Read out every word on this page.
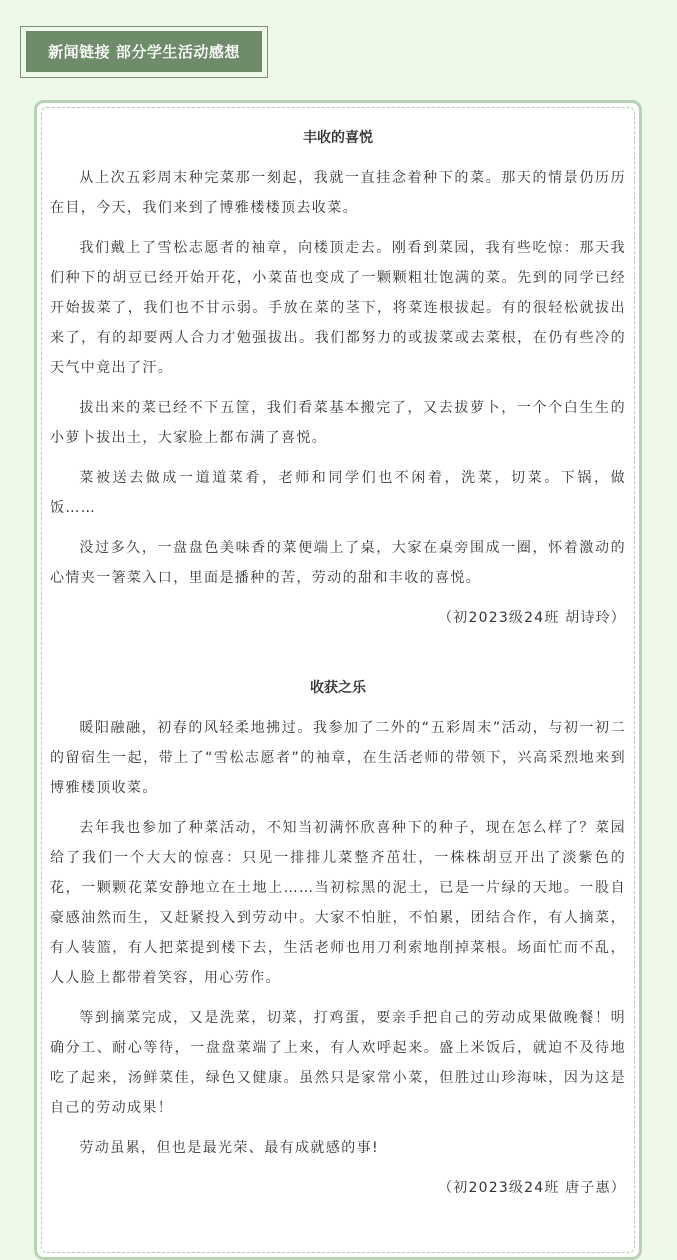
新闻链接 部分学生活动感想
丰收的喜悦

从上次五彩周末种完菜那一刻起，我就一直挂念着种下的菜。那天的情景仍历历在目，今天，我们来到了博雅楼楼顶去收菜。

我们戴上了雪松志愿者的袖章，向楼顶走去。刚看到菜园，我有些吃惊：那天我们种下的胡豆已经开始开花，小菜苗也变成了一颗颗粗壮饱满的菜。先到的同学已经开始拔菜了，我们也不甘示弱。手放在菜的茎下，将菜连根拔起。有的很轻松就拔出来了，有的却要两人合力才勉强拔出。我们都努力的或拔菜或去菜根，在仍有些冷的天气中竟出了汗。

拔出来的菜已经不下五筐，我们看菜基本搬完了，又去拔萝卜，一个个白生生的小萝卜拔出土，大家脸上都布满了喜悦。

菜被送去做成一道道菜肴，老师和同学们也不闲着，洗菜，切菜。下锅，做饭……

没过多久，一盘盘色美味香的菜便端上了桌，大家在桌旁围成一圈，怀着激动的心情夹一箸菜入口，里面是播种的苦，劳动的甜和丰收的喜悦。

（初2023级24班 胡诗玲）

收获之乐

暖阳融融，初春的风轻柔地拂过。我参加了二外的“五彩周末”活动，与初一初二的留宿生一起，带上了“雪松志愿者”的袖章，在生活老师的带领下，兴高采烈地来到博雅楼顶收菜。

去年我也参加了种菜活动，不知当初满怀欣喜种下的种子，现在怎么样了？菜园给了我们一个大大的惊喜：只见一排排儿菜整齐茁壮，一株株胡豆开出了淡紫色的花，一颗颗花菜安静地立在土地上……当初棕黑的泥土，已是一片绿的天地。一股自豪感油然而生，又赶紧投入到劳动中。大家不怕脏，不怕累，团结合作，有人摘菜，有人装篮，有人把菜提到楼下去，生活老师也用刀利索地削掉菜根。场面忙而不乱，人人脸上都带着笑容，用心劳作。

等到摘菜完成，又是洗菜，切菜，打鸡蛋，要亲手把自己的劳动成果做晚餐！明确分工、耐心等待，一盘盘菜端了上来，有人欢呼起来。盛上米饭后，就迫不及待地吃了起来，汤鲜菜佳，绿色又健康。虽然只是家常小菜，但胜过山珍海味，因为这是自己的劳动成果！

劳动虽累，但也是最光荣、最有成就感的事!

（初2023级24班 唐子惠）
